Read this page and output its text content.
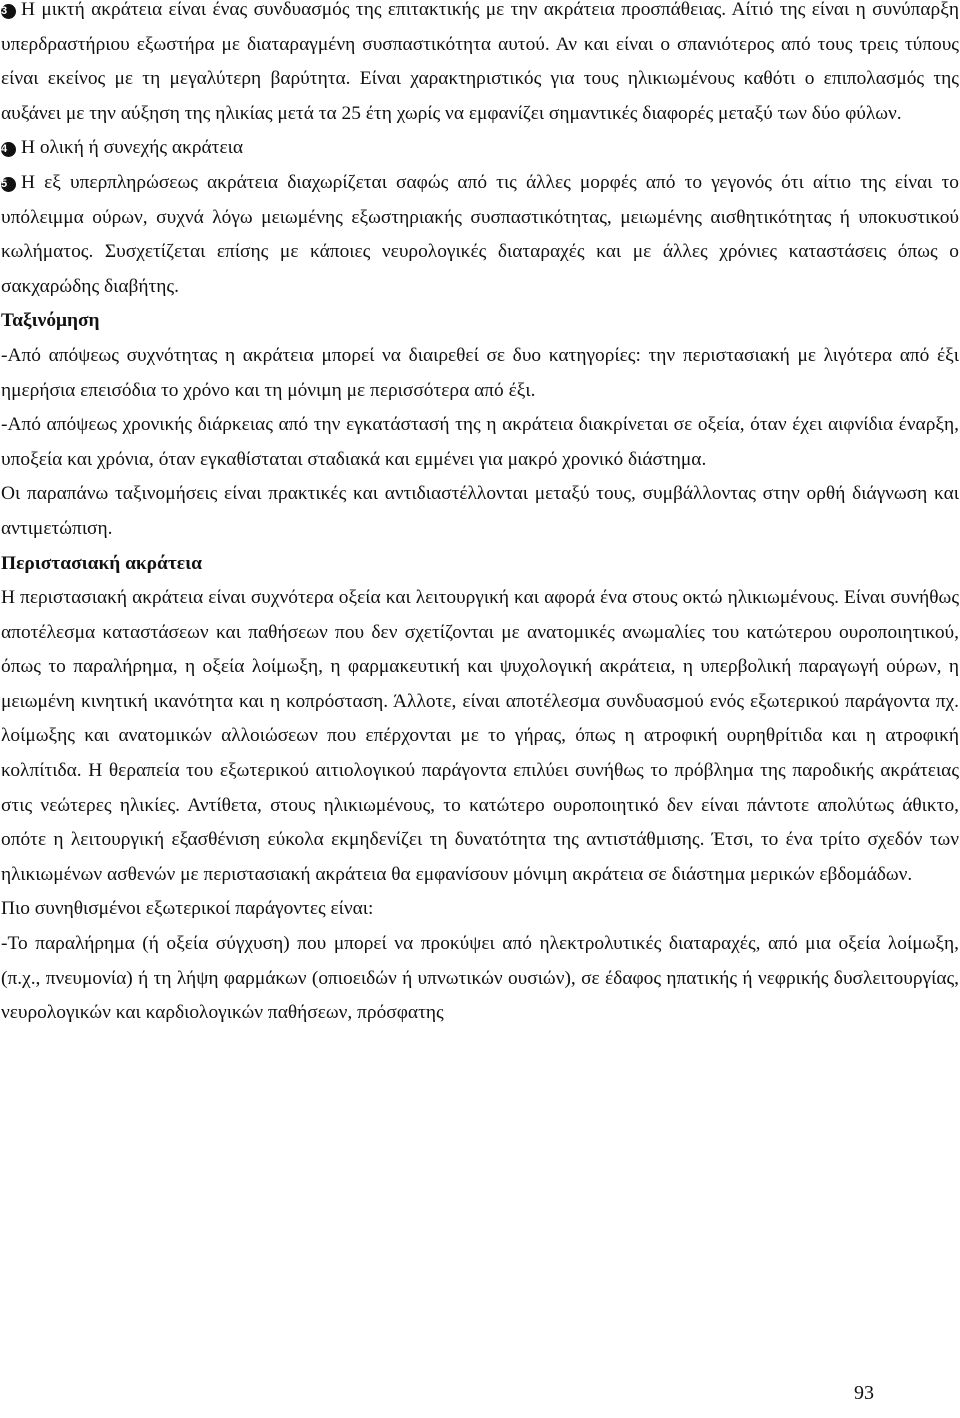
3 Η μικτή ακράτεια είναι ένας συνδυασμός της επιτακτικής με την ακράτεια προσπάθειας. Αίτιό της είναι η συνύπαρξη υπερδραστήριου εξωστήρα με διαταραγμένη συσπαστικότητα αυτού. Αν και είναι ο σπανιότερος από τους τρεις τύπους είναι εκείνος με τη μεγαλύτερη βαρύτητα. Είναι χαρακτηριστικός για τους ηλικιωμένους καθότι ο επιπολασμός της αυξάνει με την αύξηση της ηλικίας μετά τα 25 έτη χωρίς να εμφανίζει σημαντικές διαφορές μεταξύ των δύο φύλων.

4 Η ολική ή συνεχής ακράτεια

5 Η εξ υπερπληρώσεως ακράτεια διαχωρίζεται σαφώς από τις άλλες μορφές από το γεγονός ότι αίτιο της είναι το υπόλειμμα ούρων, συχνά λόγω μειωμένης εξωστηριακής συσπαστικότητας, μειωμένης αισθητικότητας ή υποκυστικού κωλήματος. Συσχετίζεται επίσης με κάποιες νευρολογικές διαταραχές και με άλλες χρόνιες καταστάσεις όπως ο σακχαρώδης διαβήτης.

Ταξινόμηση

-Από απόψεως συχνότητας η ακράτεια μπορεί να διαιρεθεί σε δυο κατηγορίες: την περιστασιακή με λιγότερα από έξι ημερήσια επεισόδια το χρόνο και τη μόνιμη με περισσότερα από έξι.

-Από απόψεως χρονικής διάρκειας από την εγκατάστασή της η ακράτεια διακρίνεται σε οξεία, όταν έχει αιφνίδια έναρξη, υποξεία και χρόνια, όταν εγκαθίσταται σταδιακά και εμμένει για μακρό χρονικό διάστημα.

Οι παραπάνω ταξινομήσεις είναι πρακτικές και αντιδιαστέλλονται μεταξύ τους, συμβάλλοντας στην ορθή διάγνωση και αντιμετώπιση.

Περιστασιακή ακράτεια

Η περιστασιακή ακράτεια είναι συχνότερα οξεία και λειτουργική και αφορά ένα στους οκτώ ηλικιωμένους. Είναι συνήθως αποτέλεσμα καταστάσεων και παθήσεων που δεν σχετίζονται με ανατομικές ανωμαλίες του κατώτερου ουροποιητικού, όπως το παραλήρημα, η οξεία λοίμωξη, η φαρμακευτική και ψυχολογική ακράτεια, η υπερβολική παραγωγή ούρων, η μειωμένη κινητική ικανότητα και η κοπρόσταση. Άλλοτε, είναι αποτέλεσμα συνδυασμού ενός εξωτερικού παράγοντα πχ. λοίμωξης και ανατομικών αλλοιώσεων που επέρχονται με το γήρας, όπως η ατροφική ουρηθρίτιδα και η ατροφική κολπίτιδα. Η θεραπεία του εξωτερικού αιτιολογικού παράγοντα επιλύει συνήθως το πρόβλημα της παροδικής ακράτειας στις νεώτερες ηλικίες. Αντίθετα, στους ηλικιωμένους, το κατώτερο ουροποιητικό δεν είναι πάντοτε απολύτως άθικτο, οπότε η λειτουργική εξασθένιση εύκολα εκμηδενίζει τη δυνατότητα της αντιστάθμισης. Έτσι, το ένα τρίτο σχεδόν των ηλικιωμένων ασθενών με περιστασιακή ακράτεια θα εμφανίσουν μόνιμη ακράτεια σε διάστημα μερικών εβδομάδων.

Πιο συνηθισμένοι εξωτερικοί παράγοντες είναι:

-Το παραλήρημα (ή οξεία σύγχυση) που μπορεί να προκύψει από ηλεκτρολυτικές διαταραχές, από μια οξεία λοίμωξη, (π.χ., πνευμονία) ή τη λήψη φαρμάκων (οπιοειδών ή υπνωτικών ουσιών), σε έδαφος ηπατικής ή νεφρικής δυσλειτουργίας, νευρολογικών και καρδιολογικών παθήσεων, πρόσφατης

93
